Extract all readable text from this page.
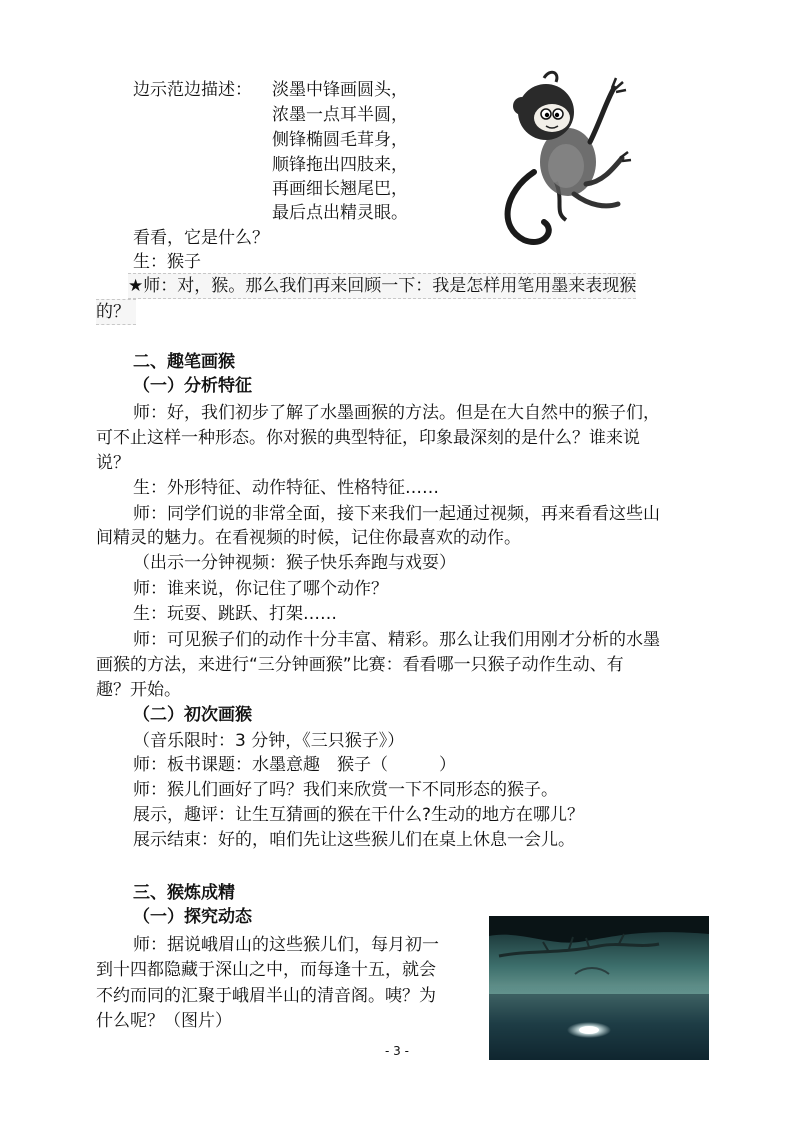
边示范边描述： 淡墨中锋画圆头，
浓墨一点耳半圆，
侧锋椭圆毛茸身，
顺锋拖出四肢来，
再画细长翘尾巴，
最后点出精灵眼。
看看，它是什么？
生：猴子
★师：对，猴。那么我们再来回顾一下：我是怎样用笔用墨来表现猴
的？
二、趣笔画猴
（一）分析特征
师：好，我们初步了解了水墨画猴的方法。但是在大自然中的猴子们，
可不止这样一种形态。你对猴的典型特征，印象最深刻的是什么？谁来说
说？
生：外形特征、动作特征、性格特征……
师：同学们说的非常全面，接下来我们一起通过视频，再来看看这些山
间精灵的魅力。在看视频的时候，记住你最喜欢的动作。
（出示一分钟视频：猴子快乐奔跑与戏耍）
师：谁来说，你记住了哪个动作？
生：玩耍、跳跃、打架……
师：可见猴子们的动作十分丰富、精彩。那么让我们用刚才分析的水墨
画猴的方法，来进行“三分钟画猴”比赛：看看哪一只猴子动作生动、有
趣？开始。
（二）初次画猴
（音乐限时：3 分钟，《三只猴子》）
师：板书课题：水墨意趣　猴子（　　　）
师：猴儿们画好了吗？我们来欣赏一下不同形态的猴子。
展示，趣评：让生互猜画的猴在干什么?生动的地方在哪儿？
展示结束：好的，咱们先让这些猴儿们在桌上休息一会儿。
三、猴炼成精
（一）探究动态
师：据说峨眉山的这些猴儿们，每月初一
到十四都隐藏于深山之中，而每逢十五，就会
不约而同的汇聚于峨眉半山的清音阁。咦？为
什么呢？（图片）
- 3 -
